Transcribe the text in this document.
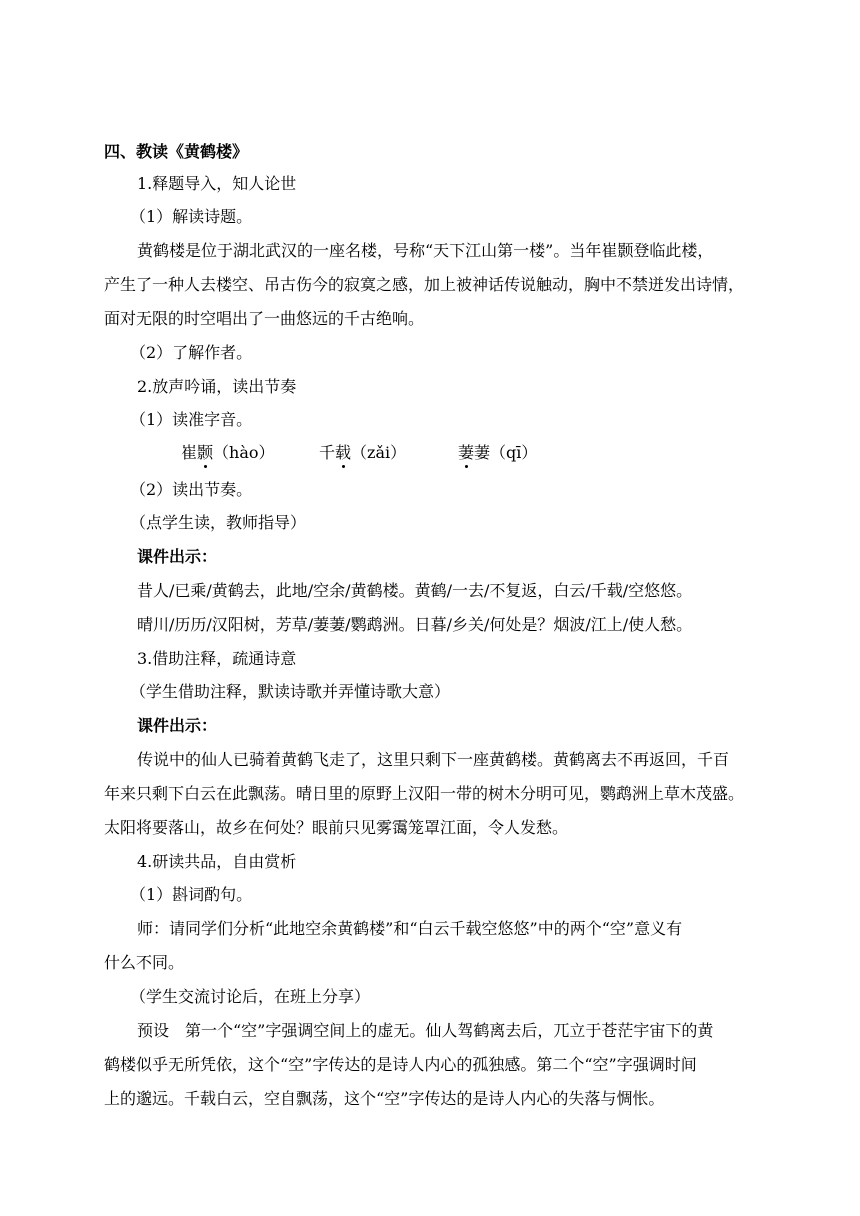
四、教读《黄鹤楼》
1.释题导入，知人论世
（1）解读诗题。
黄鹤楼是位于湖北武汉的一座名楼，号称“天下江山第一楼”。当年崔颢登临此楼，
产生了一种人去楼空、吊古伤今的寂寞之感，加上被神话传说触动，胸中不禁迸发出诗情，
面对无限的时空唱出了一曲悠远的千古绝响。
（2）了解作者。
2.放声吟诵，读出节奏
（1）读准字音。
崔颢（hào）	千载（zǎi）	萋萋（qī）
（2）读出节奏。
（点学生读，教师指导）
课件出示：
昔人/已乘/黄鹤去，此地/空余/黄鹤楼。黄鹤/一去/不复返，白云/千载/空悠悠。
晴川/历历/汉阳树，芳草/萋萋/鹦鹉洲。日暮/乡关/何处是？烟波/江上/使人愁。
3.借助注释，疏通诗意
（学生借助注释，默读诗歌并弄懂诗歌大意）
课件出示：
传说中的仙人已骑着黄鹤飞走了，这里只剩下一座黄鹤楼。黄鹤离去不再返回，千百
年来只剩下白云在此飘荡。晴日里的原野上汉阳一带的树木分明可见，鹦鹉洲上草木茂盛。
太阳将要落山，故乡在何处？眼前只见雾霭笼罩江面，令人发愁。
4.研读共品，自由赏析
（1）斟词酌句。
师：请同学们分析“此地空余黄鹤楼”和“白云千载空悠悠”中的两个“空”意义有
什么不同。
（学生交流讨论后，在班上分享）
预设　第一个“空”字强调空间上的虚无。仙人驾鹤离去后，兀立于苍茫宇宙下的黄
鹤楼似乎无所凭依，这个“空”字传达的是诗人内心的孤独感。第二个“空”字强调时间
上的邈远。千载白云，空自飘荡，这个“空”字传达的是诗人内心的失落与惆怅。
